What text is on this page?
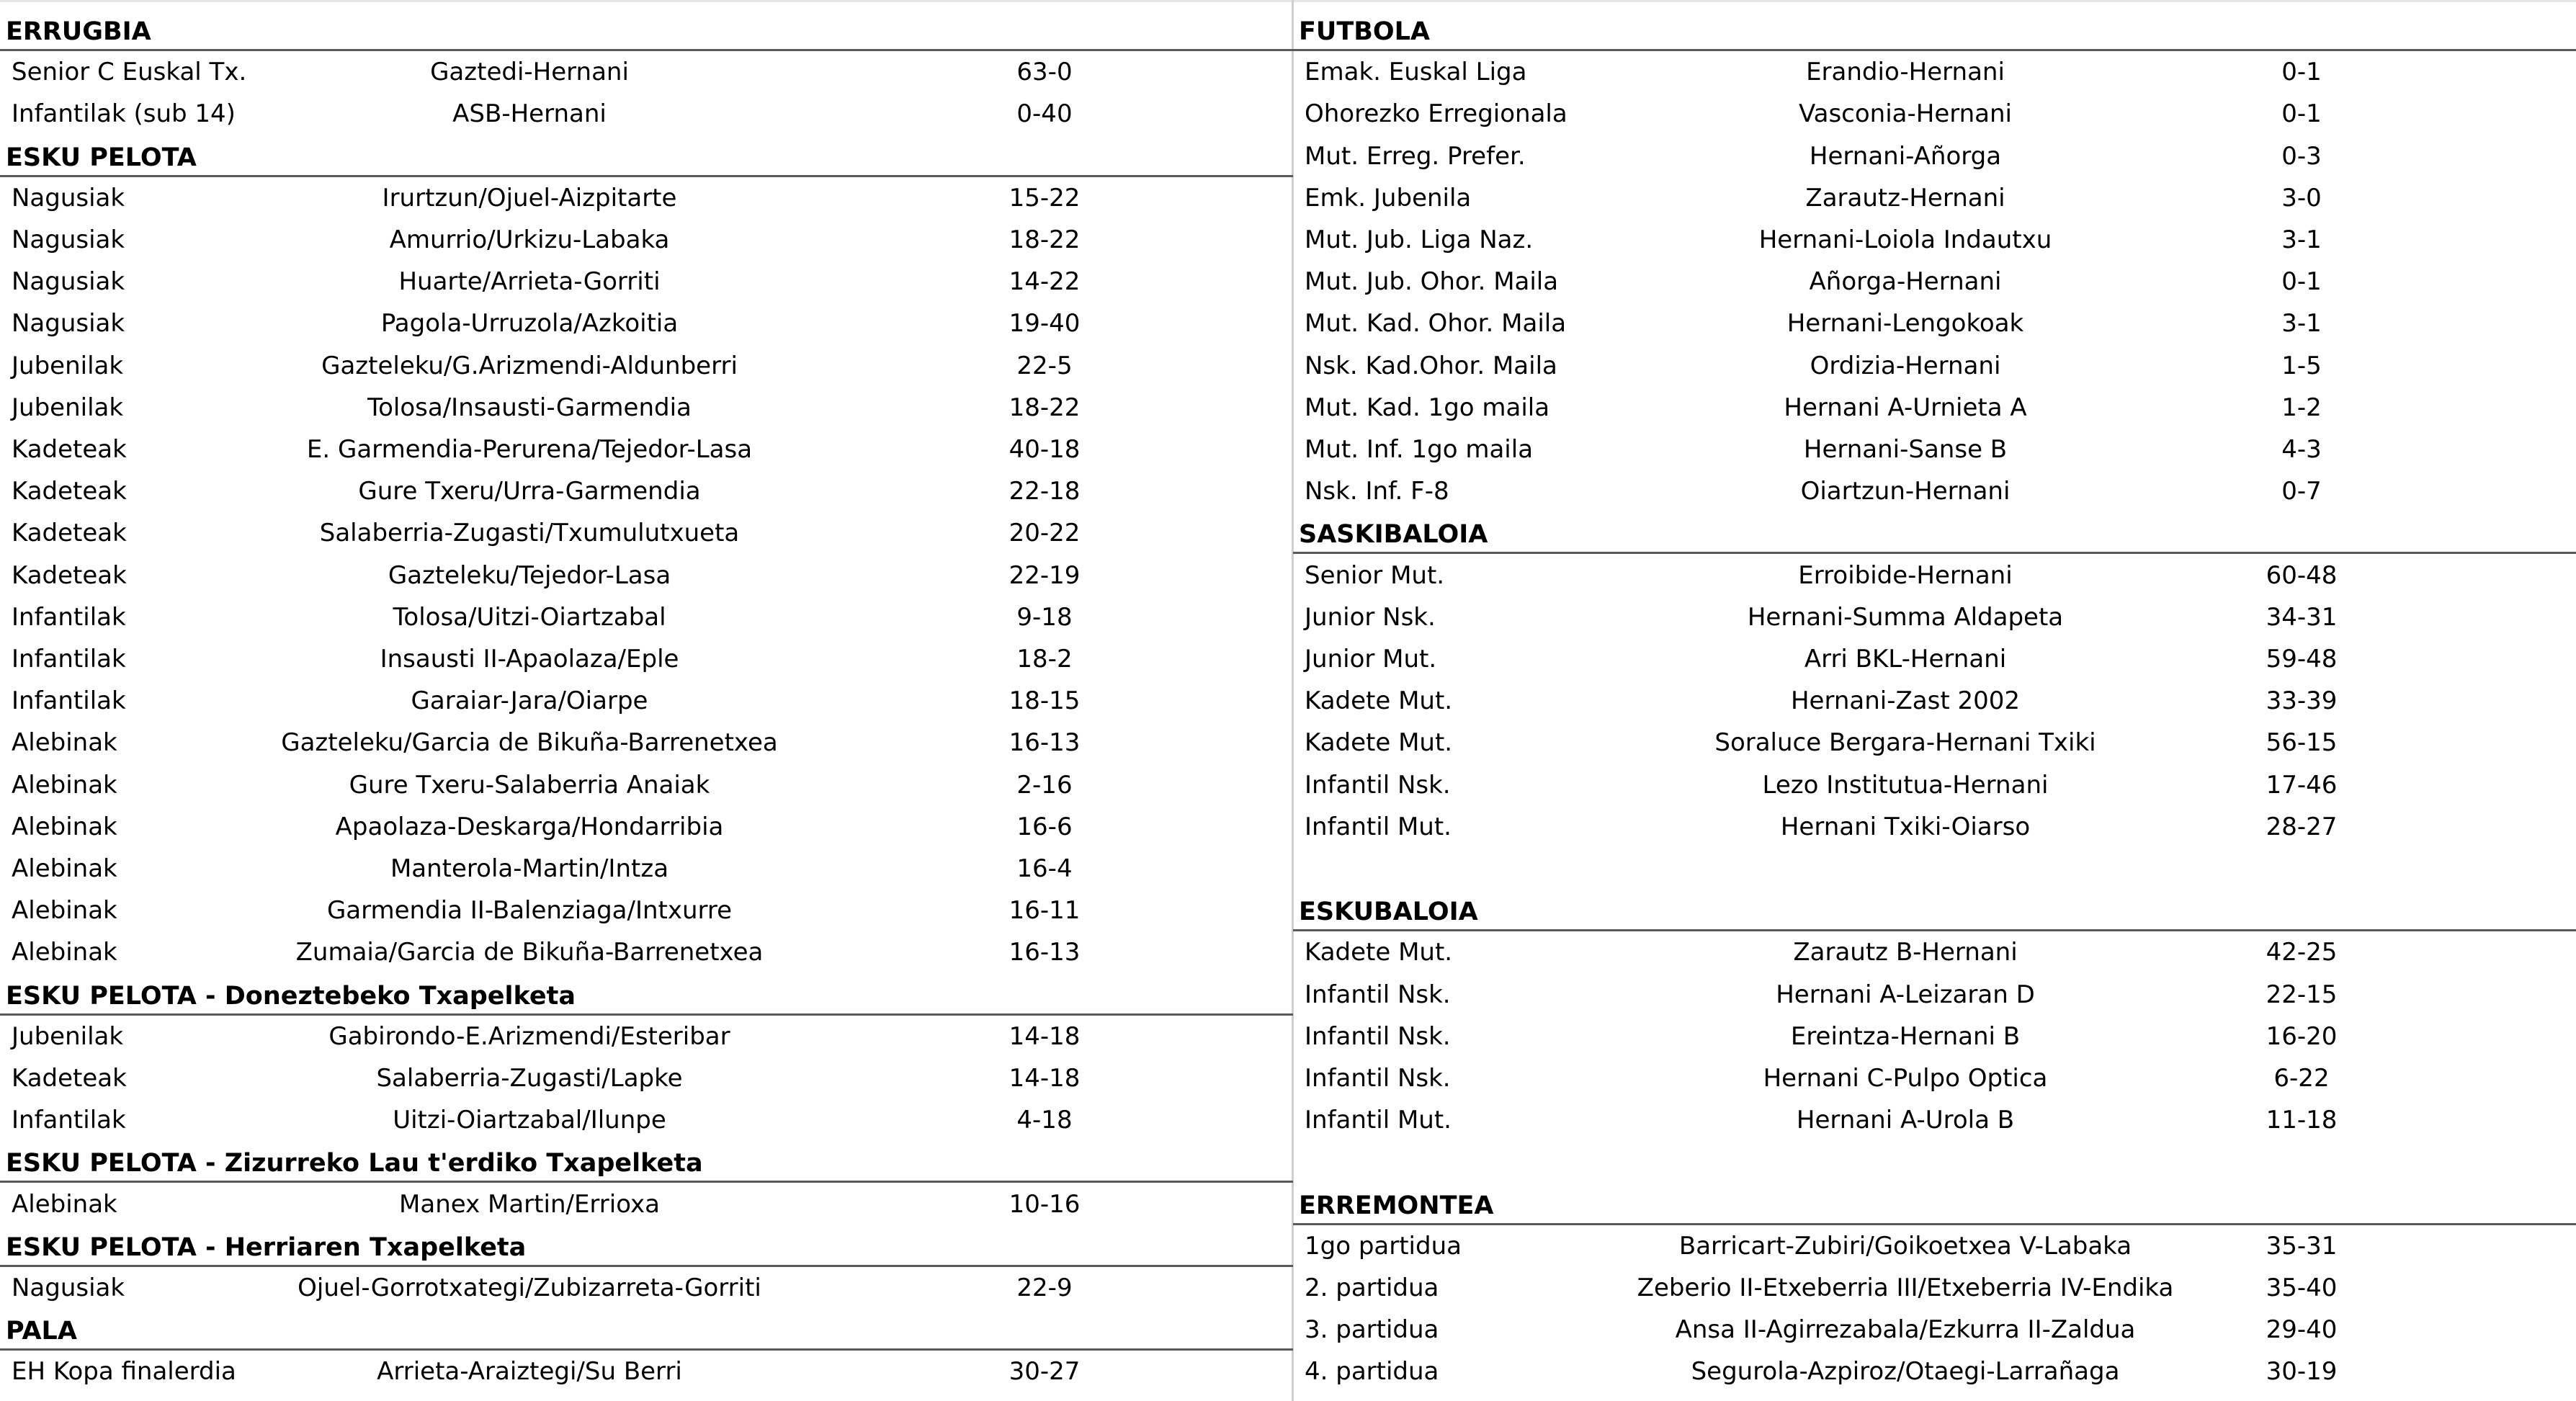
ERRUGBIA
Senior C Euskal Tx.	Gaztedi-Hernani	63-0
Infantilak (sub 14)	ASB-Hernani	0-40
ESKU PELOTA
Nagusiak	Irurtzun/Ojuel-Aizpitarte	15-22
Nagusiak	Amurrio/Urkizu-Labaka	18-22
Nagusiak	Huarte/Arrieta-Gorriti	14-22
Nagusiak	Pagola-Urruzola/Azkoitia	19-40
Jubenilak	Gazteleku/G.Arizmendi-Aldunberri	22-5
Jubenilak	Tolosa/Insausti-Garmendia	18-22
Kadeteak	E. Garmendia-Perurena/Tejedor-Lasa	40-18
Kadeteak	Gure Txeru/Urra-Garmendia	22-18
Kadeteak	Salaberria-Zugasti/Txumulutxueta	20-22
Kadeteak	Gazteleku/Tejedor-Lasa	22-19
Infantilak	Tolosa/Uitzi-Oiartzabal	9-18
Infantilak	Insausti II-Apaolaza/Eple	18-2
Infantilak	Garaiar-Jara/Oiarpe	18-15
Alebinak	Gazteleku/Garcia de Bikuña-Barrenetxea	16-13
Alebinak	Gure Txeru-Salaberria Anaiak	2-16
Alebinak	Apaolaza-Deskarga/Hondarribia	16-6
Alebinak	Manterola-Martin/Intza	16-4
Alebinak	Garmendia II-Balenziaga/Intxurre	16-11
Alebinak	Zumaia/Garcia de Bikuña-Barrenetxea	16-13
ESKU PELOTA - Doneztebeko Txapelketa
Jubenilak	Gabirondo-E.Arizmendi/Esteribar	14-18
Kadeteak	Salaberria-Zugasti/Lapke	14-18
Infantilak	Uitzi-Oiartzabal/Ilunpe	4-18
ESKU PELOTA - Zizurreko Lau t'erdiko Txapelketa
Alebinak	Manex Martin/Errioxa	10-16
ESKU PELOTA - Herriaren Txapelketa
Nagusiak	Ojuel-Gorrotxategi/Zubizarreta-Gorriti	22-9
PALA
EH Kopa finalerdia	Arrieta-Araiztegi/Su Berri	30-27
FUTBOLA
Emak. Euskal Liga	Erandio-Hernani	0-1
Ohorezko Erregionala	Vasconia-Hernani	0-1
Mut. Erreg. Prefer.	Hernani-Añorga	0-3
Emk. Jubenila	Zarautz-Hernani	3-0
Mut. Jub. Liga Naz.	Hernani-Loiola Indautxu	3-1
Mut. Jub. Ohor. Maila	Añorga-Hernani	0-1
Mut. Kad. Ohor. Maila	Hernani-Lengokoak	3-1
Nsk. Kad.Ohor. Maila	Ordizia-Hernani	1-5
Mut. Kad. 1go maila	Hernani A-Urnieta A	1-2
Mut. Inf. 1go maila	Hernani-Sanse B	4-3
Nsk. Inf. F-8	Oiartzun-Hernani	0-7
SASKIBALOIA
Senior Mut.	Erroibide-Hernani	60-48
Junior Nsk.	Hernani-Summa Aldapeta	34-31
Junior Mut.	Arri BKL-Hernani	59-48
Kadete Mut.	Hernani-Zast 2002	33-39
Kadete Mut.	Soraluce Bergara-Hernani Txiki	56-15
Infantil Nsk.	Lezo Institutua-Hernani	17-46
Infantil Mut.	Hernani Txiki-Oiarso	28-27
ESKUBALOIA
Kadete Mut.	Zarautz B-Hernani	42-25
Infantil Nsk.	Hernani A-Leizaran D	22-15
Infantil Nsk.	Ereintza-Hernani B	16-20
Infantil Nsk.	Hernani C-Pulpo Optica	6-22
Infantil Mut.	Hernani A-Urola B	11-18
ERREMONTEA
1go partidua	Barricart-Zubiri/Goikoetxea V-Labaka	35-31
2. partidua	Zeberio II-Etxeberria III/Etxeberria IV-Endika	35-40
3. partidua	Ansa II-Agirrezabala/Ezkurra II-Zaldua	29-40
4. partidua	Segurola-Azpiroz/Otaegi-Larrañaga	30-19
